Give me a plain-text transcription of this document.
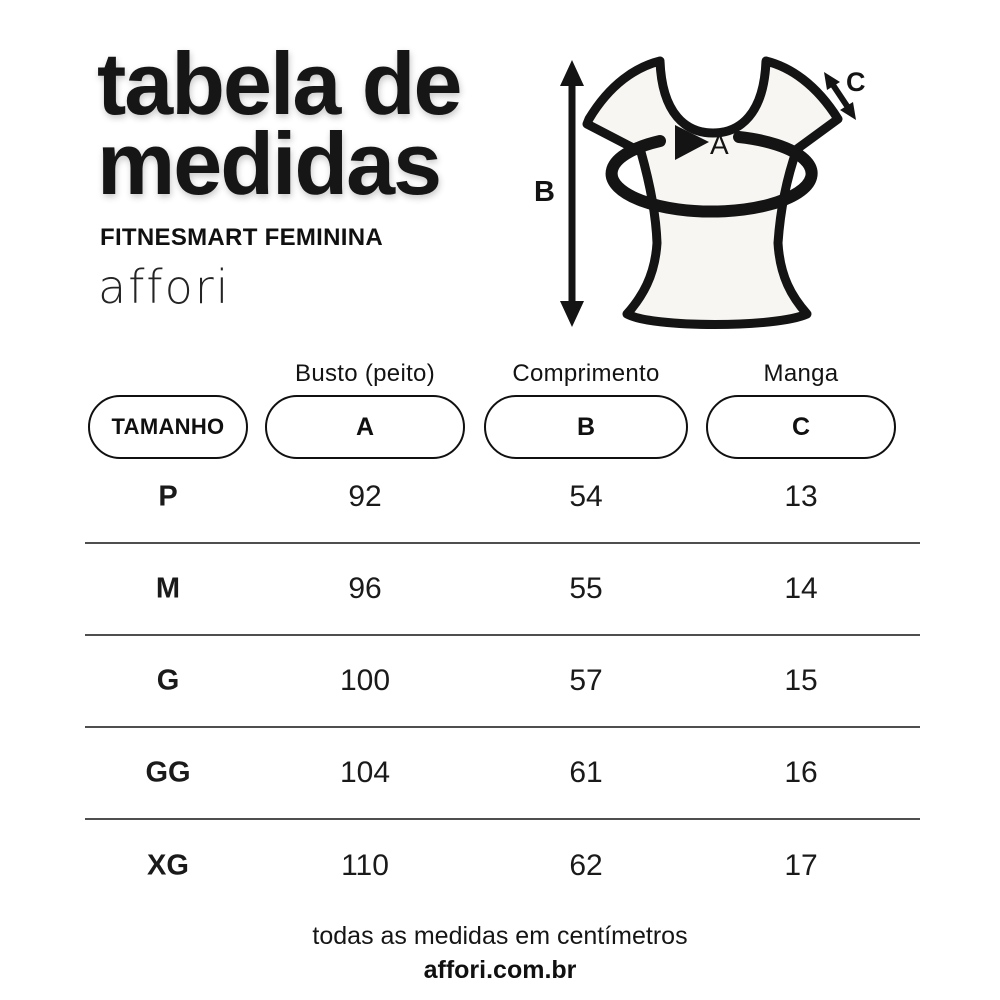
tabela de
medidas
FITNESMART FEMININA
affori
B
A
C
Busto (peito)	Comprimento	Manga
TAMANHO	A	B	C
P	92	54	13
M	96	55	14
G	100	57	15
GG	104	61	16
XG	110	62	17
todas as medidas em centímetros
affori.com.br
